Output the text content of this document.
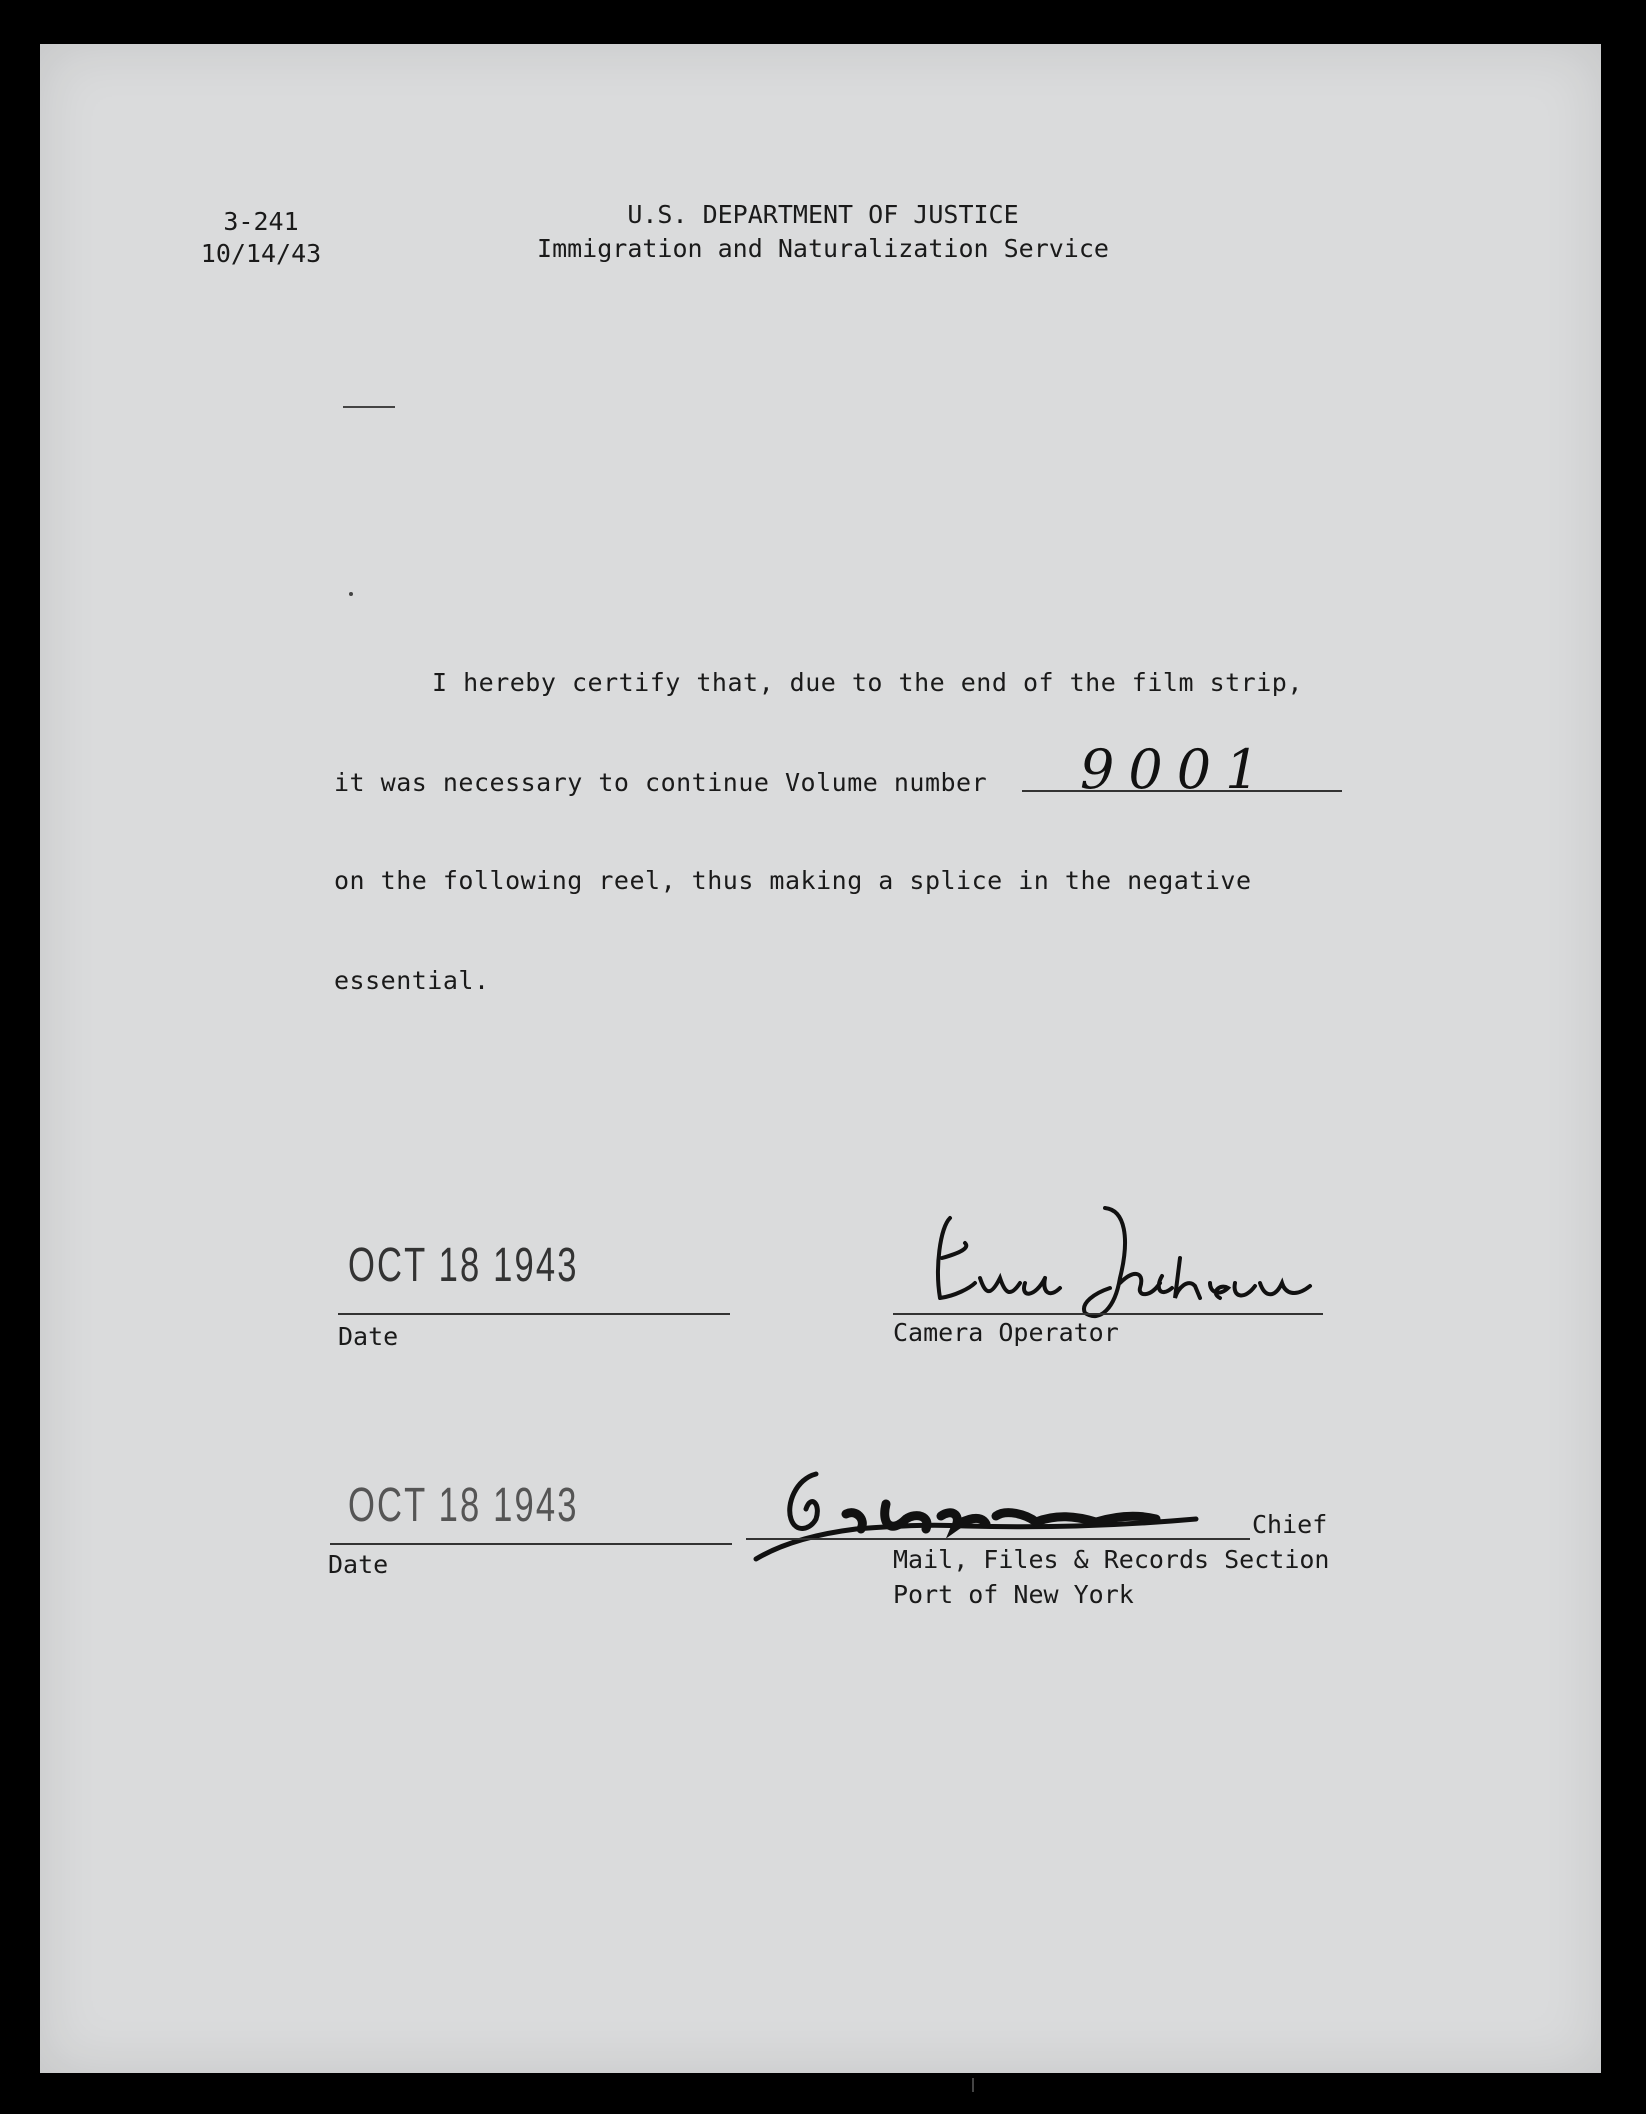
3-241
10/14/43
U.S. DEPARTMENT OF JUSTICE
Immigration and Naturalization Service
I hereby certify that, due to the end of the film strip,
it was necessary to continue Volume number 9001
on the following reel, thus making a splice in the negative
essential.
OCT 18 1943
Date	Camera Operator
OCT 18 1943
Date
Chief
Mail, Files & Records Section
Port of New York
